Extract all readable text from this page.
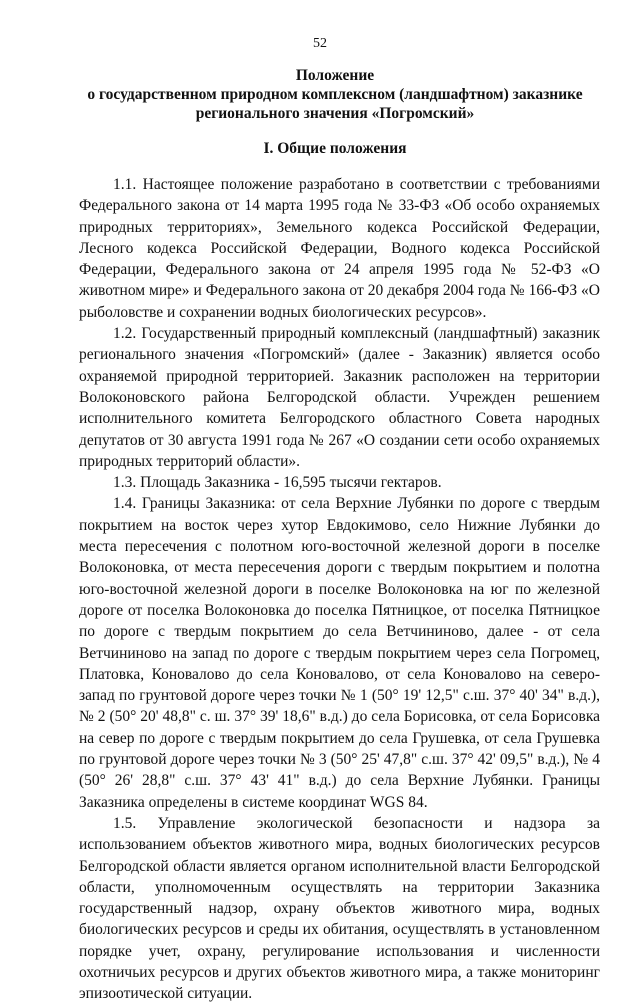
52
Положение
о государственном природном комплексном (ландшафтном) заказнике
регионального значения «Погромский»
I. Общие положения

1.1. Настоящее положение разработано в соответствии с требованиями Федерального закона от 14 марта 1995 года № 33-ФЗ «Об особо охраняемых природных территориях», Земельного кодекса Российской Федерации, Лесного кодекса Российской Федерации, Водного кодекса Российской Федерации, Федерального закона от 24 апреля 1995 года № 52-ФЗ «О животном мире» и Федерального закона от 20 декабря 2004 года № 166-ФЗ «О рыболовстве и сохранении водных биологических ресурсов».

1.2. Государственный природный комплексный (ландшафтный) заказник регионального значения «Погромский» (далее - Заказник) является особо охраняемой природной территорией. Заказник расположен на территории Волоконовского района Белгородской области. Учрежден решением исполнительного комитета Белгородского областного Совета народных депутатов от 30 августа 1991 года № 267 «О создании сети особо охраняемых природных территорий области».

1.3. Площадь Заказника - 16,595 тысячи гектаров.

1.4. Границы Заказника: от села Верхние Лубянки по дороге с твердым покрытием на восток через хутор Евдокимово, село Нижние Лубянки до места пересечения с полотном юго-восточной железной дороги в поселке Волоконовка, от места пересечения дороги с твердым покрытием и полотна юго-восточной железной дороги в поселке Волоконовка на юг по железной дороге от поселка Волоконовка до поселка Пятницкое, от поселка Пятницкое по дороге с твердым покрытием до села Ветчининово, далее - от села Ветчининово на запад по дороге с твердым покрытием через села Погромец, Платовка, Коновалово до села Коновалово, от села Коновалово на северо-запад по грунтовой дороге через точки № 1 (50° 19' 12,5" с.ш. 37° 40' 34" в.д.), № 2 (50° 20' 48,8" с. ш. 37° 39' 18,6" в.д.) до села Борисовка, от села Борисовка на север по дороге с твердым покрытием до села Грушевка, от села Грушевка по грунтовой дороге через точки № 3 (50° 25' 47,8" с.ш. 37° 42' 09,5" в.д.), № 4 (50° 26' 28,8" с.ш. 37° 43' 41" в.д.) до села Верхние Лубянки. Границы Заказника определены в системе координат WGS 84.

1.5. Управление экологической безопасности и надзора за использованием объектов животного мира, водных биологических ресурсов Белгородской области является органом исполнительной власти Белгородской области, уполномоченным осуществлять на территории Заказника государственный надзор, охрану объектов животного мира, водных биологических ресурсов и среды их обитания, осуществлять в установленном порядке учет, охрану, регулирование использования и численности охотничьих ресурсов и других объектов животного мира, а также мониторинг эпизоотической ситуации.
